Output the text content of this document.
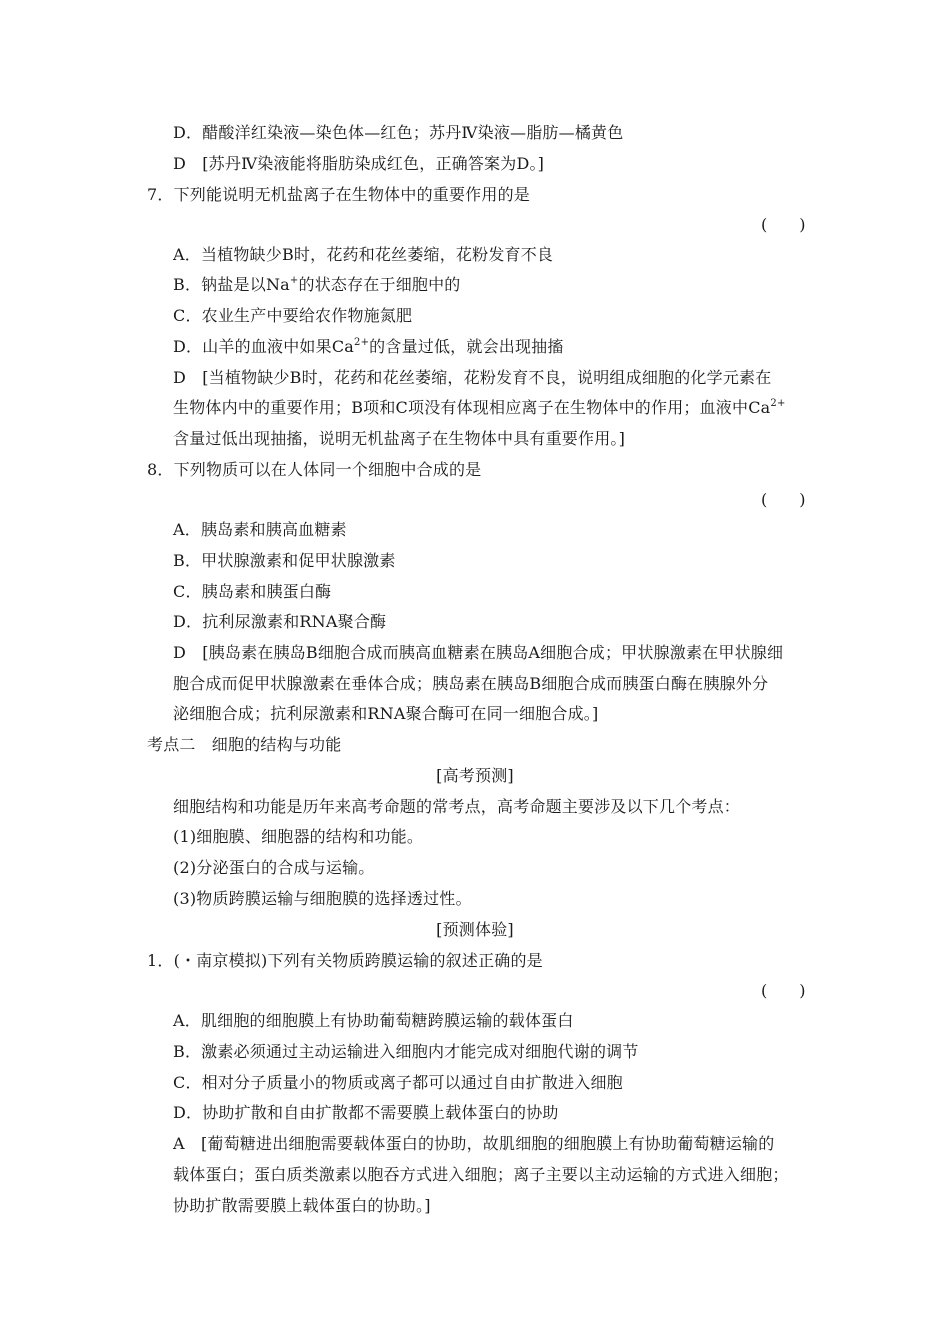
D．醋酸洋红染液—染色体—红色；苏丹Ⅳ染液—脂肪—橘黄色
D　[苏丹Ⅳ染液能将脂肪染成红色，正确答案为D。]
7．下列能说明无机盐离子在生物体中的重要作用的是
(　　)
A．当植物缺少B时，花药和花丝萎缩，花粉发育不良
B．钠盐是以Na+的状态存在于细胞中的
C．农业生产中要给农作物施氮肥
D．山羊的血液中如果$Ca^{2+}$的含量过低，就会出现抽搐
D　[当植物缺少B时，花药和花丝萎缩，花粉发育不良，说明组成细胞的化学元素在
生物体内中的重要作用；B项和C项没有体现相应离子在生物体中的作用；血液中$Ca^{2+}$
含量过低出现抽搐，说明无机盐离子在生物体中具有重要作用。]
8．下列物质可以在人体同一个细胞中合成的是
(　　)
A．胰岛素和胰高血糖素
B．甲状腺激素和促甲状腺激素
C．胰岛素和胰蛋白酶
D．抗利尿激素和RNA聚合酶
D　[胰岛素在胰岛B细胞合成而胰高血糖素在胰岛A细胞合成；甲状腺激素在甲状腺细
胞合成而促甲状腺激素在垂体合成；胰岛素在胰岛B细胞合成而胰蛋白酶在胰腺外分
泌细胞合成；抗利尿激素和RNA聚合酶可在同一细胞合成。]
考点二　细胞的结构与功能
[高考预测]
细胞结构和功能是历年来高考命题的常考点，高考命题主要涉及以下几个考点：
(1)细胞膜、细胞器的结构和功能。
(2)分泌蛋白的合成与运输。
(3)物质跨膜运输与细胞膜的选择透过性。
[预测体验]
1．(・南京模拟)下列有关物质跨膜运输的叙述正确的是
(　　)
A．肌细胞的细胞膜上有协助葡萄糖跨膜运输的载体蛋白
B．激素必须通过主动运输进入细胞内才能完成对细胞代谢的调节
C．相对分子质量小的物质或离子都可以通过自由扩散进入细胞
D．协助扩散和自由扩散都不需要膜上载体蛋白的协助
A　[葡萄糖进出细胞需要载体蛋白的协助，故肌细胞的细胞膜上有协助葡萄糖运输的
载体蛋白；蛋白质类激素以胞吞方式进入细胞；离子主要以主动运输的方式进入细胞；
协助扩散需要膜上载体蛋白的协助。]
